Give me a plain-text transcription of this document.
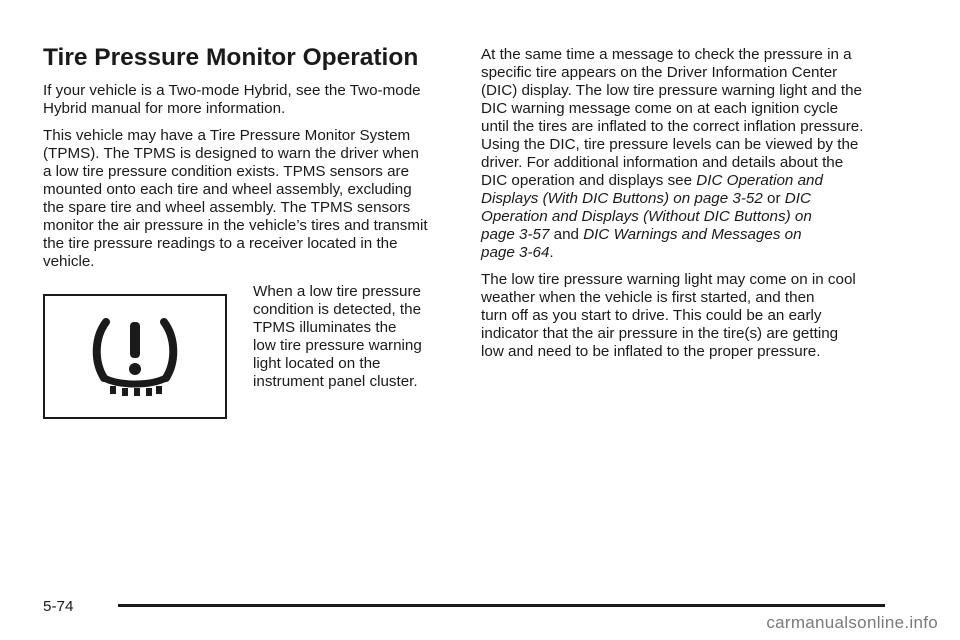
Tire Pressure Monitor Operation

If your vehicle is a Two-mode Hybrid, see the Two-mode
Hybrid manual for more information.

This vehicle may have a Tire Pressure Monitor System
(TPMS). The TPMS is designed to warn the driver when
a low tire pressure condition exists. TPMS sensors are
mounted onto each tire and wheel assembly, excluding
the spare tire and wheel assembly. The TPMS sensors
monitor the air pressure in the vehicle’s tires and transmit
the tire pressure readings to a receiver located in the
vehicle.

When a low tire pressure
condition is detected, the
TPMS illuminates the
low tire pressure warning
light located on the
instrument panel cluster.

At the same time a message to check the pressure in a
specific tire appears on the Driver Information Center
(DIC) display. The low tire pressure warning light and the
DIC warning message come on at each ignition cycle
until the tires are inflated to the correct inflation pressure.
Using the DIC, tire pressure levels can be viewed by the
driver. For additional information and details about the
DIC operation and displays see DIC Operation and
Displays (With DIC Buttons) on page 3-52 or DIC
Operation and Displays (Without DIC Buttons) on
page 3-57 and DIC Warnings and Messages on
page 3-64.

The low tire pressure warning light may come on in cool
weather when the vehicle is first started, and then
turn off as you start to drive. This could be an early
indicator that the air pressure in the tire(s) are getting
low and need to be inflated to the proper pressure.

5-74
carmanualsonline.info
